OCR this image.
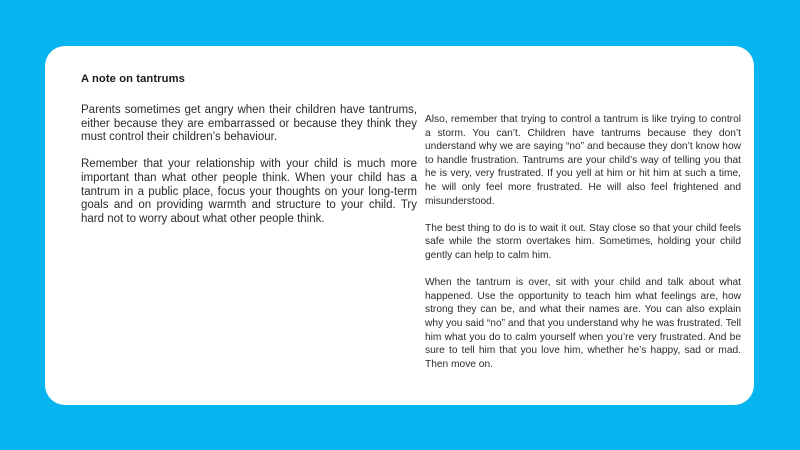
A note on tantrums

Parents sometimes get angry when their children have tantrums, either because they are embarrassed or because they think they must control their children’s behaviour.

Remember that your relationship with your child is much more important than what other people think. When your child has a tantrum in a public place, focus your thoughts on your long-term goals and on providing warmth and structure to your child. Try hard not to worry about what other people think.

Also, remember that trying to control a tantrum is like trying to control a storm. You can’t. Children have tantrums because they don’t understand why we are saying “no” and because they don’t know how to handle frustration. Tantrums are your child’s way of telling you that he is very, very frustrated. If you yell at him or hit him at such a time, he will only feel more frustrated. He will also feel frightened and misunderstood.

The best thing to do is to wait it out. Stay close so that your child feels safe while the storm overtakes him. Sometimes, holding your child gently can help to calm him.

When the tantrum is over, sit with your child and talk about what happened. Use the opportunity to teach him what feelings are, how strong they can be, and what their names are. You can also explain why you said “no” and that you understand why he was frustrated. Tell him what you do to calm yourself when you’re very frustrated. And be sure to tell him that you love him, whether he’s happy, sad or mad. Then move on.
